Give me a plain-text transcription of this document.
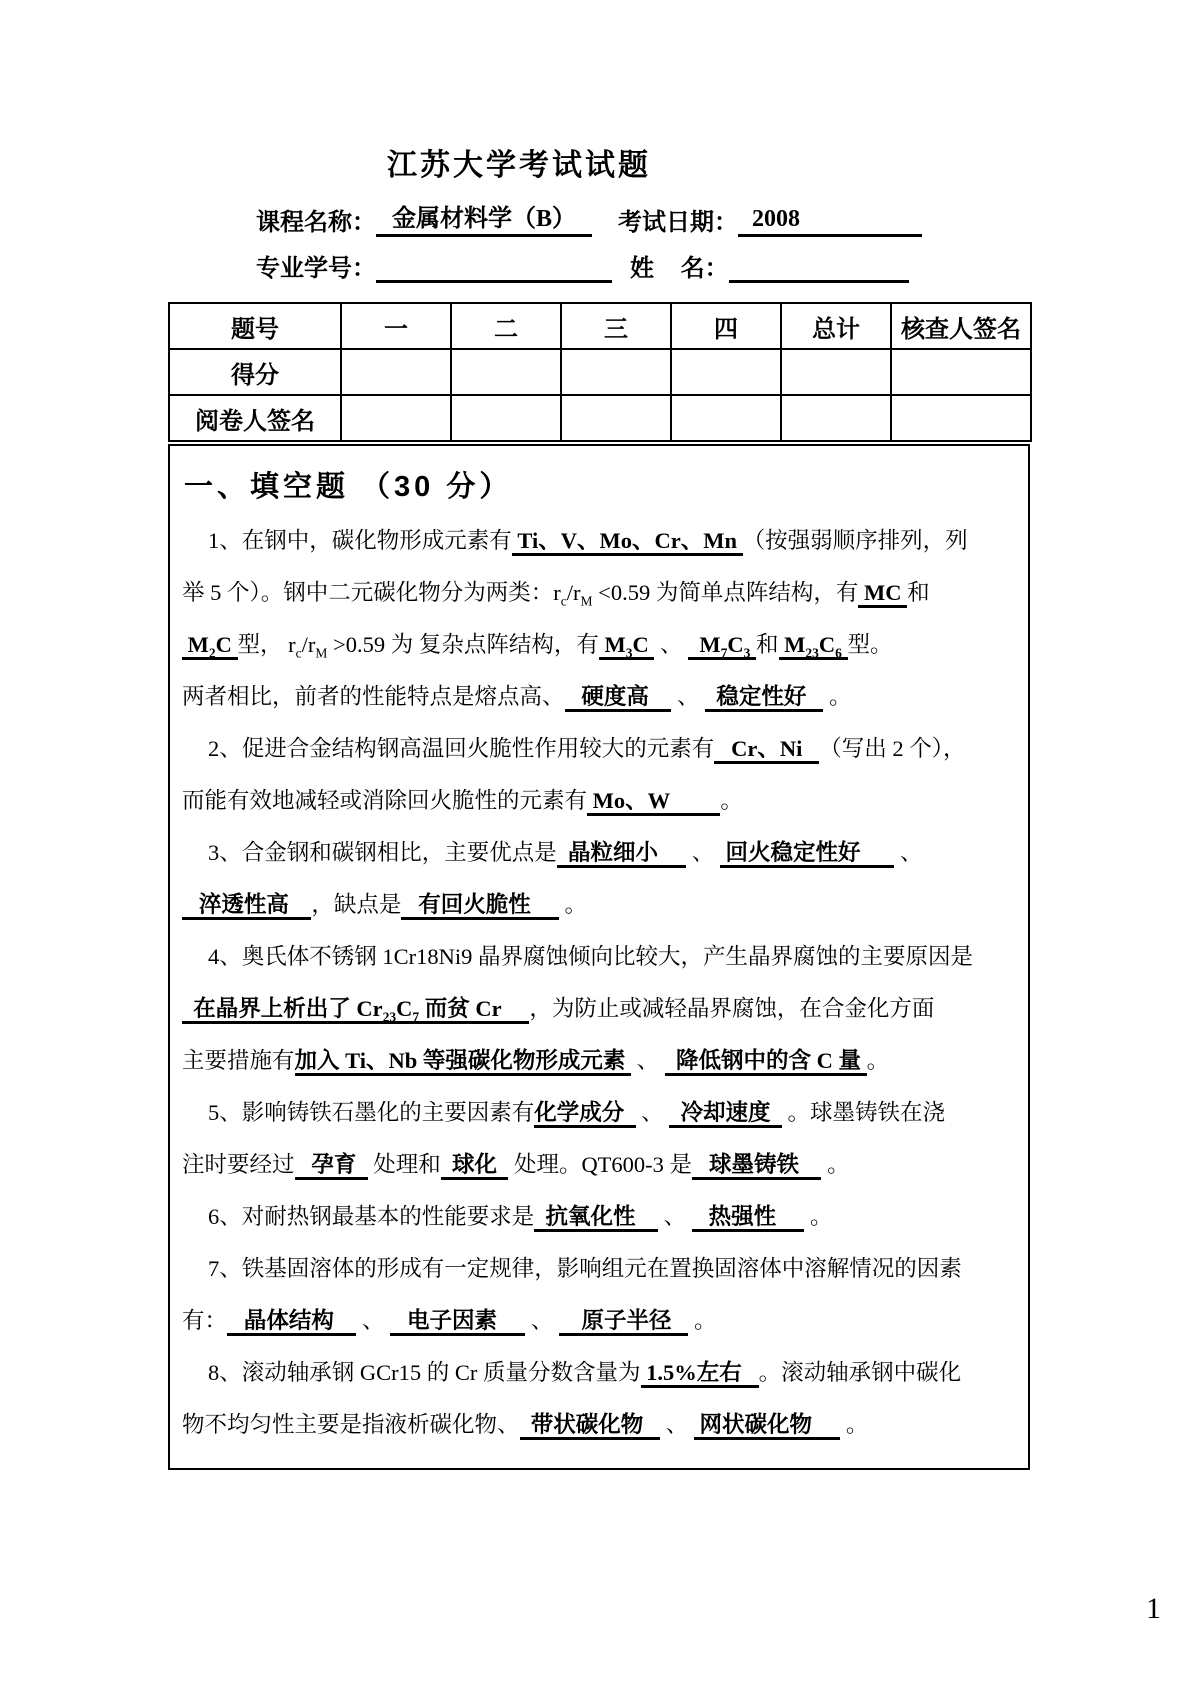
江苏大学考试试题
课程名称： 金属材料学（B） 考试日期： 2008
专业学号：	姓    名：
题号	一	二	三	四	总计	核查人签名
得分						
阅卷人签名						
一、填空题 （30 分）
1、在钢中，碳化物形成元素有 Ti、V、Mo、Cr、Mn （按强弱顺序排列，列
举 5 个）。钢中二元碳化物分为两类：$r_c/r_M <0.59$ 为简单点阵结构，有 MC 和
$M_2C$ 型， $r_c/r_M >0.59$ 为 复杂点阵结构，有 $M_3C$  、   $M_7C_3$ 和 $M_{23}C_6$ 型。
两者相比，前者的性能特点是熔点高、   硬度高     、   稳定性好    。
2、促进合金结构钢高温回火脆性作用较大的元素有   Cr、Ni   （写出 2 个），
而能有效地减轻或消除回火脆性的元素有 Mo、W         。
3、合金钢和碳钢相比，主要优点是  晶粒细小      、  回火稳定性好       、
淬透性高    ，缺点是   有回火脆性      。
4、奥氏体不锈钢 1Cr18Ni9 晶界腐蚀倾向比较大，产生晶界腐蚀的主要原因是
在晶界上析出了 $Cr_{23}C_7$ 而贫 Cr     ，为防止或减轻晶界腐蚀，在合金化方面
主要措施有加入 Ti、Nb 等强碳化物形成元素  、   降低钢中的含 C 量 。
5、影响铸铁石墨化的主要因素有化学成分   、   冷却速度   。球墨铸铁在浇
注时要经过   孕育   处理和  球化   处理。QT600-3 是   球墨铸铁     。
6、对耐热钢最基本的性能要求是  抗氧化性     、    热强性      。
7、铁基固溶体的形成有一定规律，影响组元在置换固溶体中溶解情况的因素
有：   晶体结构     、    电子因素      、     原子半径    。
8、滚动轴承钢 GCr15 的 Cr 质量分数含量为 1.5%左右   。滚动轴承钢中碳化
物不均匀性主要是指液析碳化物、  带状碳化物    、  网状碳化物      。
1
